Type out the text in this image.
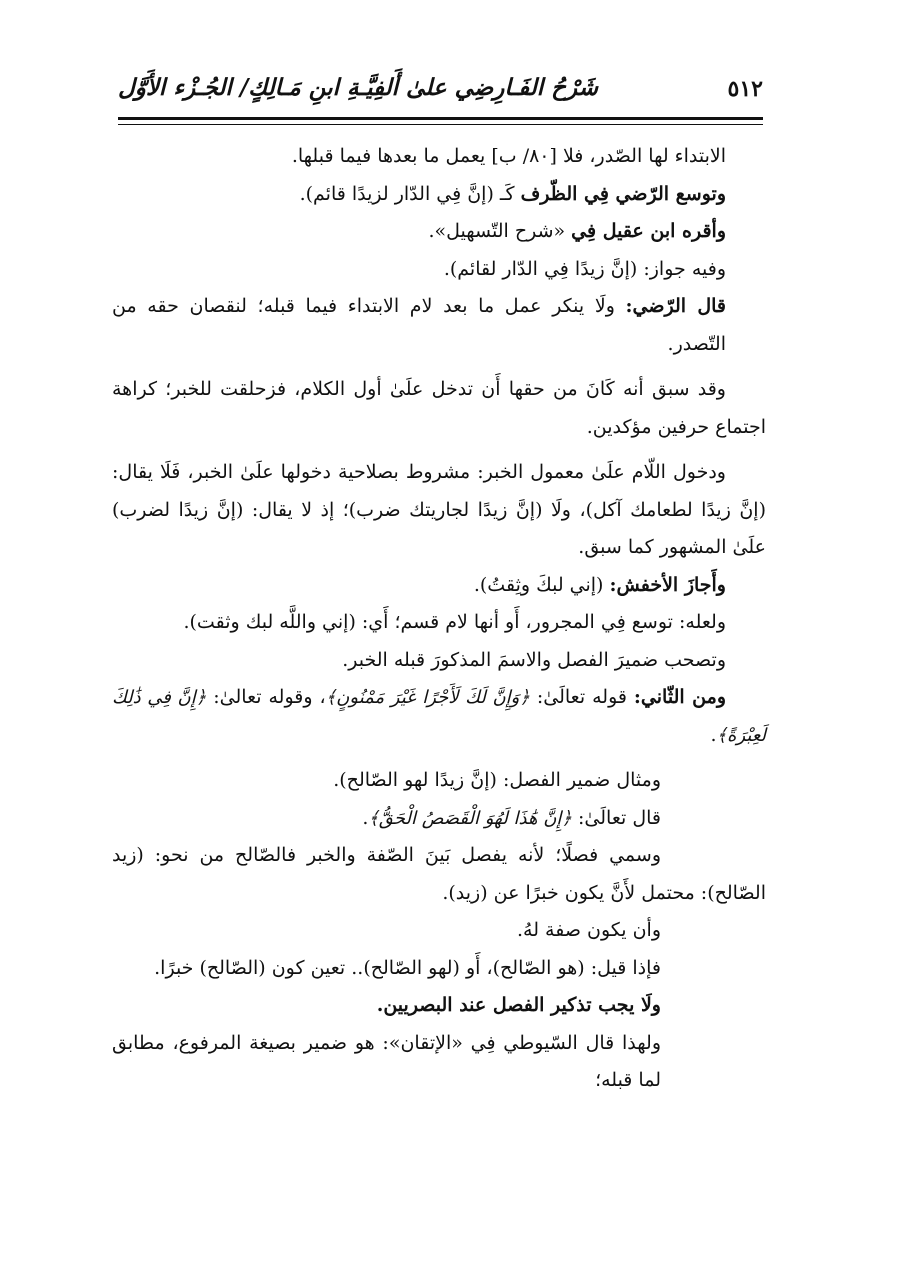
٥١٢
شَرْحُ الفَـارِضِي علىٰ أَلفِيَّـةِ ابنِ مَـالِكٍ/ الجُـزْء الأَوَّل

الابتداء لها الصّدر، فلا [٨٠/ ب] يعمل ما بعدها فيما قبلها.

وتوسع الرّضي فِي الظّرف كَـ (إنَّ فِي الدّار لزيدًا قائم).

وأقره ابن عقيل فِي «شرح التّسهيل».

وفيه جواز: (إنَّ زيدًا فِي الدّار لقائم).

قال الرّضي: ولَا ينكر عمل ما بعد لام الابتداء فيما قبله؛ لنقصان حقه من التّصدر.

وقد سبق أنه كَانَ من حقها أَن تدخل علَىٰ أول الكلام، فزحلقت للخبر؛ كراهة اجتماع حرفين مؤكدين.

ودخول اللّام علَىٰ معمول الخبر: مشروط بصلاحية دخولها علَىٰ الخبر، فَلَا يقال: (إنَّ زيدًا لطعامك آكل)، ولَا (إنَّ زيدًا لجاريتك ضرب)؛ إذ لا يقال: (إنَّ زيدًا لضرب) علَىٰ المشهور كما سبق.

وأَجازَ الأخفش: (إني لبكَ وثِقتُ).

ولعله: توسع فِي المجرور، أَو أنها لام قسم؛ أَي: (إني واللَّه لبك وثقت).

وتصحب ضميرَ الفصل والاسمَ المذكورَ قبله الخبر.

ومن الثّاني: قوله تعالَىٰ: ﴿وَإِنَّ لَكَ لَأَجْرًا غَيْرَ مَمْنُونٍ﴾، وقوله تعالىٰ: ﴿إِنَّ فِي ذَٰلِكَ لَعِبْرَةً﴾.

ومثال ضمير الفصل: (إنَّ زيدًا لهو الصّالح).

قال تعالَىٰ: ﴿إِنَّ هَٰذَا لَهُوَ الْقَصَصُ الْحَقُّ﴾.

وسمي فصلًا؛ لأنه يفصل بَينَ الصّفة والخبر فالصّالح من نحو: (زيد الصّالح): محتمل لأَنَّ يكون خبرًا عن (زيد).

وأن يكون صفة لهُ.

فإذا قيل: (هو الصّالح)، أَو (لهو الصّالح).. تعين كون (الصّالح) خبرًا.

ولَا يجب تذكير الفصل عند البصريين.

ولهذا قال السّيوطي فِي «الإتقان»: هو ضمير بصيغة المرفوع، مطابق لما قبله؛
